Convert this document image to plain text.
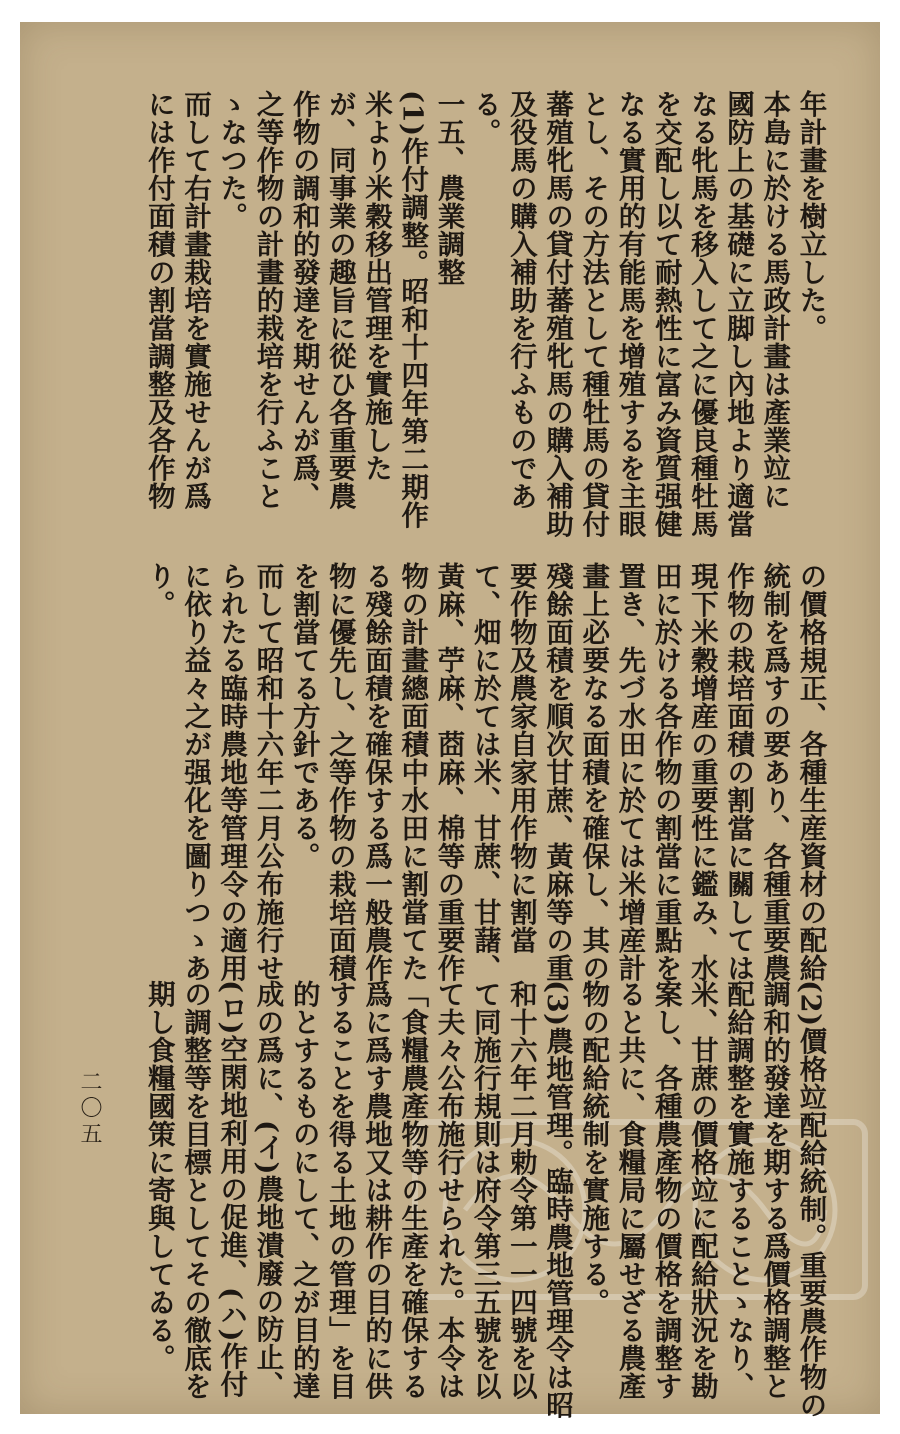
の價格規正、各種生産資材の配給
統制を爲すの要あり、各種重要農
作物の栽培面積の割當に關しては
現下米穀增産の重要性に鑑み、水
田に於ける各作物の割當に重點を
置き、先づ水田に於ては米增産計
畫上必要なる面積を確保し、其の
殘餘面積を順次甘蔗、黃麻等の重
要作物及農家自家用作物に割當
て、畑に於ては米、甘蔗、甘藷、
黃麻、苧麻、莔麻、棉等の重要作
物の計畫總面積中水田に割當てた
る殘餘面積を確保する爲一般農作
物に優先し、之等作物の栽培面積
を割當てる方針である。
而して昭和十六年二月公布施行せ
られたる臨時農地等管理令の適用
に依り益々之が强化を圖りつゝあ
り。
(2)價格竝配給統制。重要農作物の
調和的發達を期する爲價格調整と
配給調整を實施することゝなり、
米、甘蔗の價格竝に配給狀況を勘
案し、各種農產物の價格を調整す
ると共に、食糧局に屬せざる農產
物の配給統制を實施する。
(3)農地管理。臨時農地管理令は昭
和十六年二月勅令第一一四號を以
て同施行規則は府令第三五號を以
て夫々公布施行せられた。本令は
「食糧農產物等の生產を確保する
爲に爲す農地又は耕作の目的に供
することを得る土地の管理」を目
的とするものにして、之が目的達
成の爲に、(イ)農地潰廢の防止、
(ロ)空閑地利用の促進、(ハ)作付
の調整等を目標としてその徹底を
期し食糧國策に寄與してゐる。
年計畫を樹立した。
本島に於ける馬政計畫は產業竝に
國防上の基礎に立脚し內地より適當
なる牝馬を移入して之に優良種牡馬
を交配し以て耐熱性に富み資質强健
なる實用的有能馬を增殖するを主眼
とし、その方法として種牡馬の貸付
蕃殖牝馬の貸付蕃殖牝馬の購入補助
及役馬の購入補助を行ふものであ
る。
一五、農業調整
(1)作付調整。昭和十四年第二期作
米より米穀移出管理を實施した
が、同事業の趣旨に從ひ各重要農
作物の調和的發達を期せんが爲、
之等作物の計畫的栽培を行ふこと
ゝなつた。
而して右計畫栽培を實施せんが爲
には作付面積の割當調整及各作物
二〇五
